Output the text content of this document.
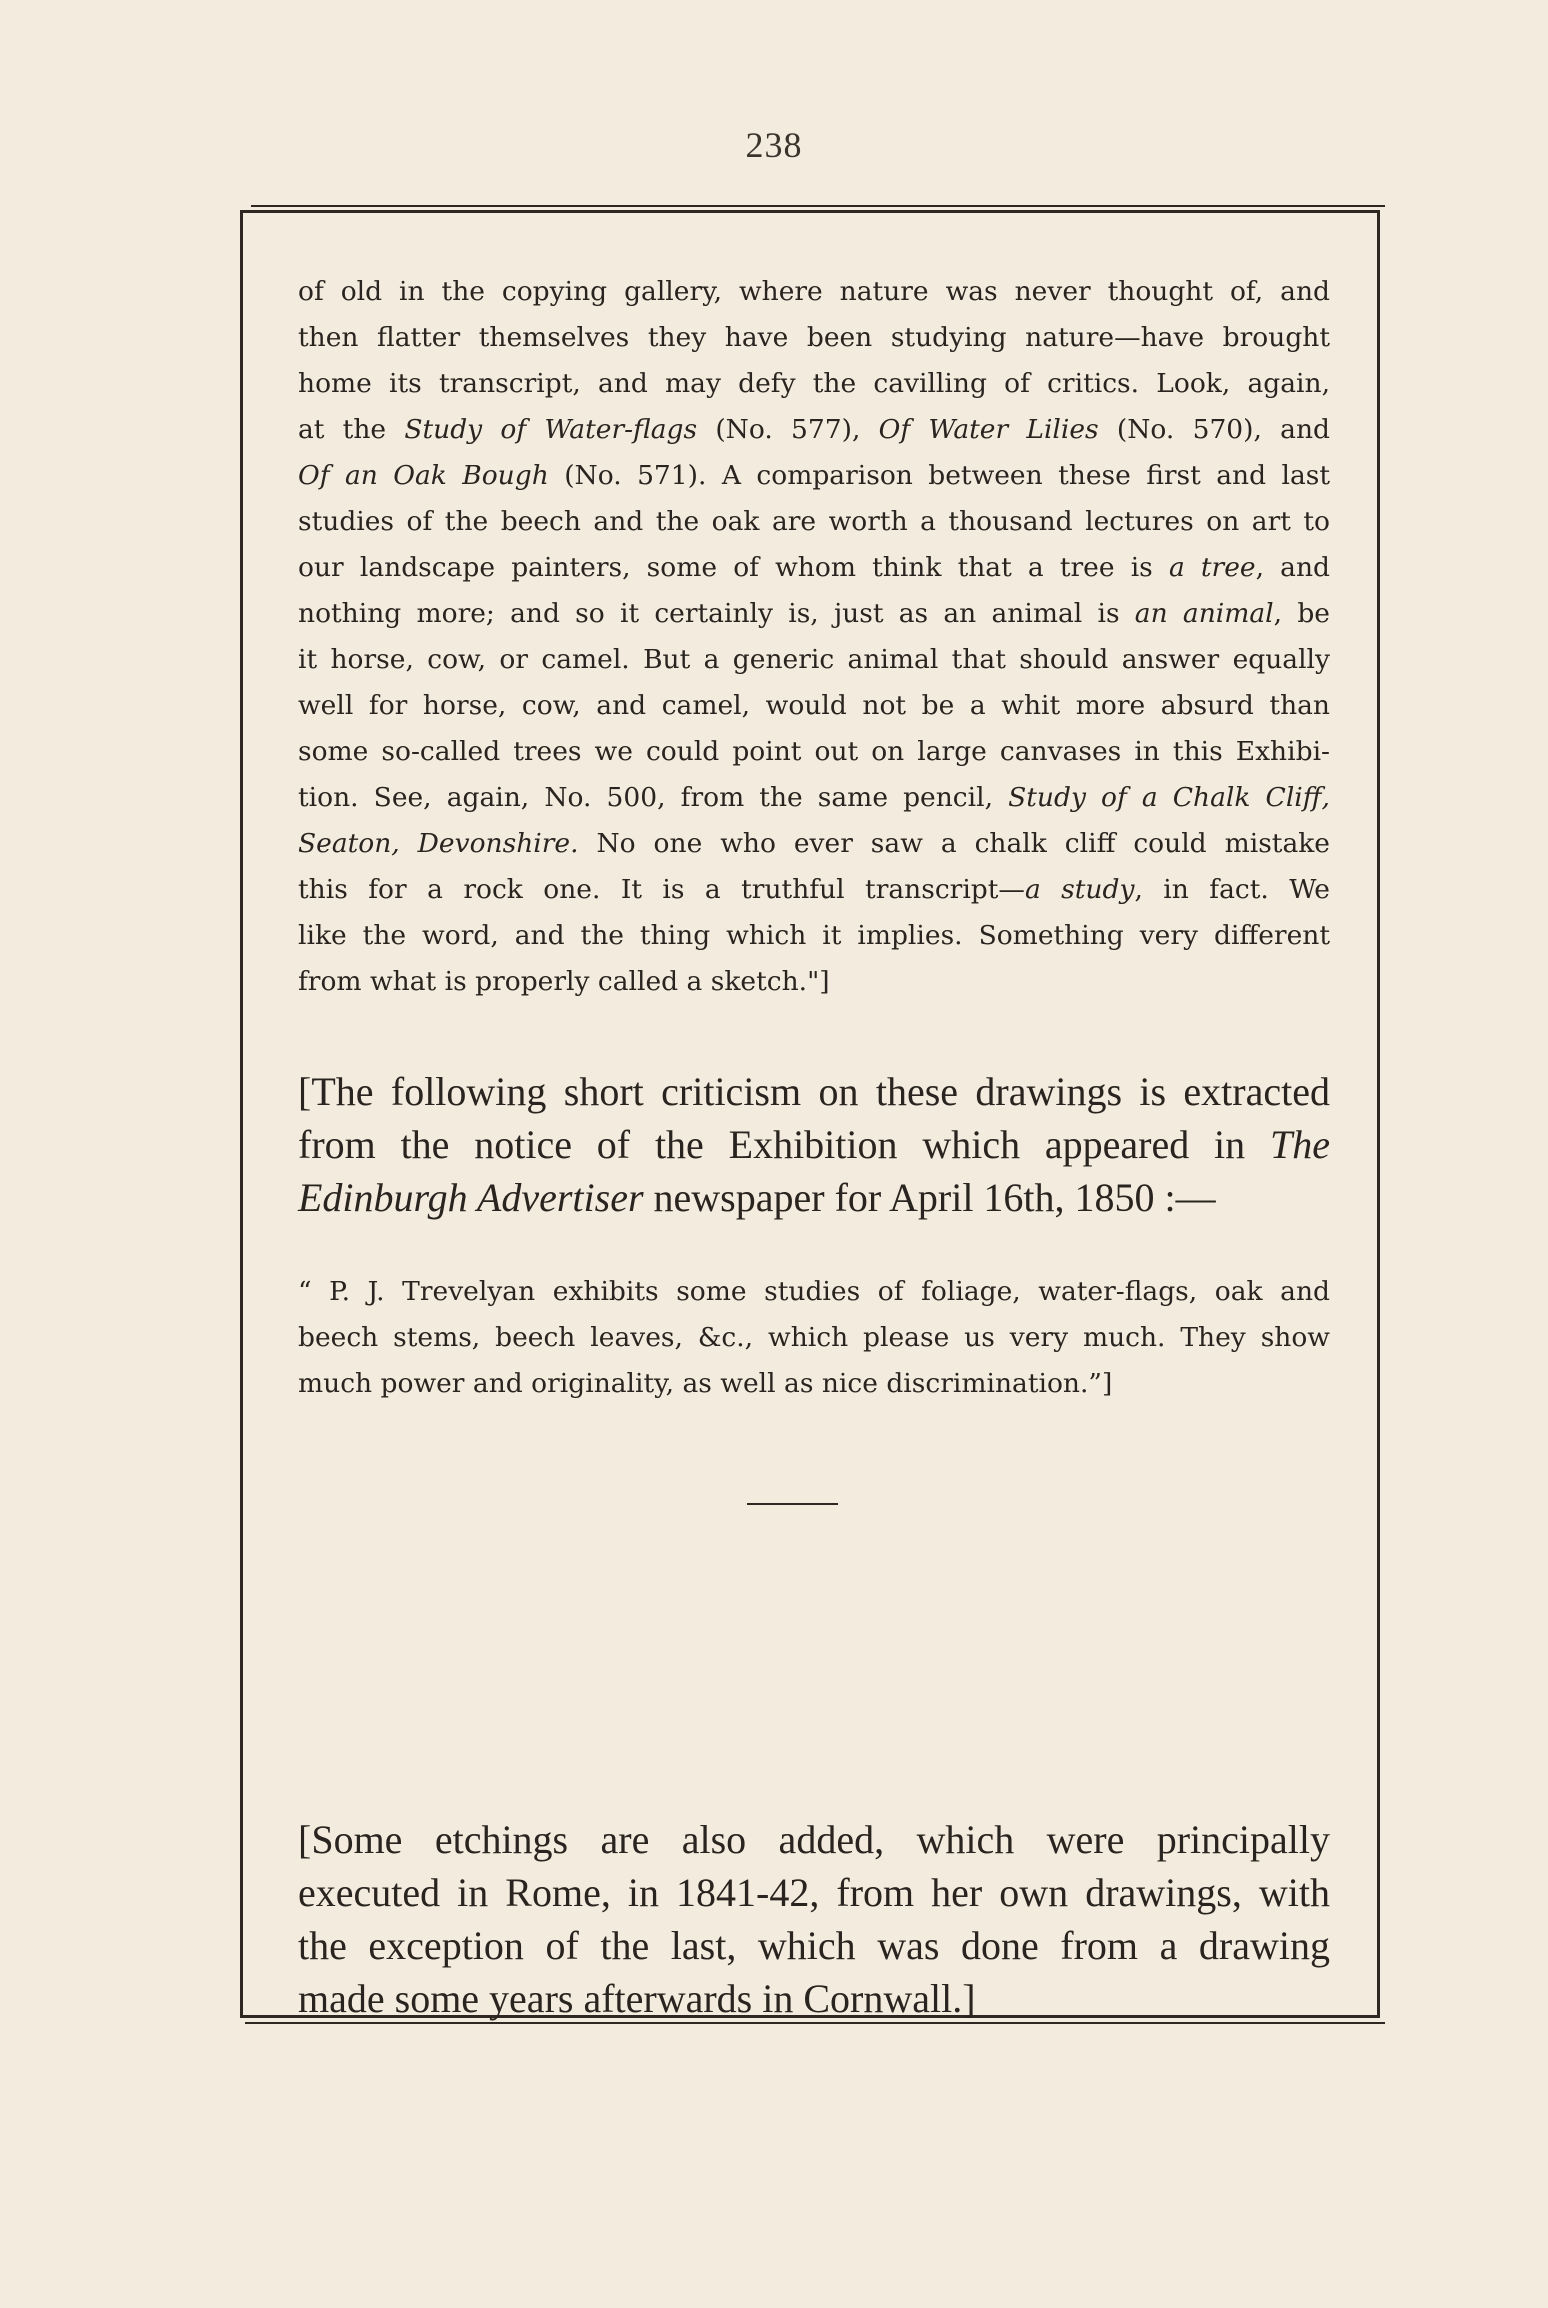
238
of old in the copying gallery, where nature was never thought of, and
then flatter themselves they have been studying nature—have brought
home its transcript, and may defy the cavilling of critics. Look, again,
at the Study of Water-flags (No. 577), Of Water Lilies (No. 570), and
Of an Oak Bough (No. 571). A comparison between these first and last
studies of the beech and the oak are worth a thousand lectures on art to
our landscape painters, some of whom think that a tree is a tree, and
nothing more; and so it certainly is, just as an animal is an animal, be
it horse, cow, or camel. But a generic animal that should answer equally
well for horse, cow, and camel, would not be a whit more absurd than
some so-called trees we could point out on large canvases in this Exhibi-
tion. See, again, No. 500, from the same pencil, Study of a Chalk Cliff,
Seaton, Devonshire. No one who ever saw a chalk cliff could mistake
this for a rock one. It is a truthful transcript—a study, in fact. We
like the word, and the thing which it implies. Something very different
from what is properly called a sketch."]
[The following short criticism on these drawings is extracted
from the notice of the Exhibition which appeared in The
Edinburgh Advertiser newspaper for April 16th, 1850 :—
“ P. J. Trevelyan exhibits some studies of foliage, water-flags, oak and
beech stems, beech leaves, &c., which please us very much. They show
much power and originality, as well as nice discrimination.”]
[Some etchings are also added, which were principally
executed in Rome, in 1841-42, from her own drawings, with
the exception of the last, which was done from a drawing
made some years afterwards in Cornwall.]
